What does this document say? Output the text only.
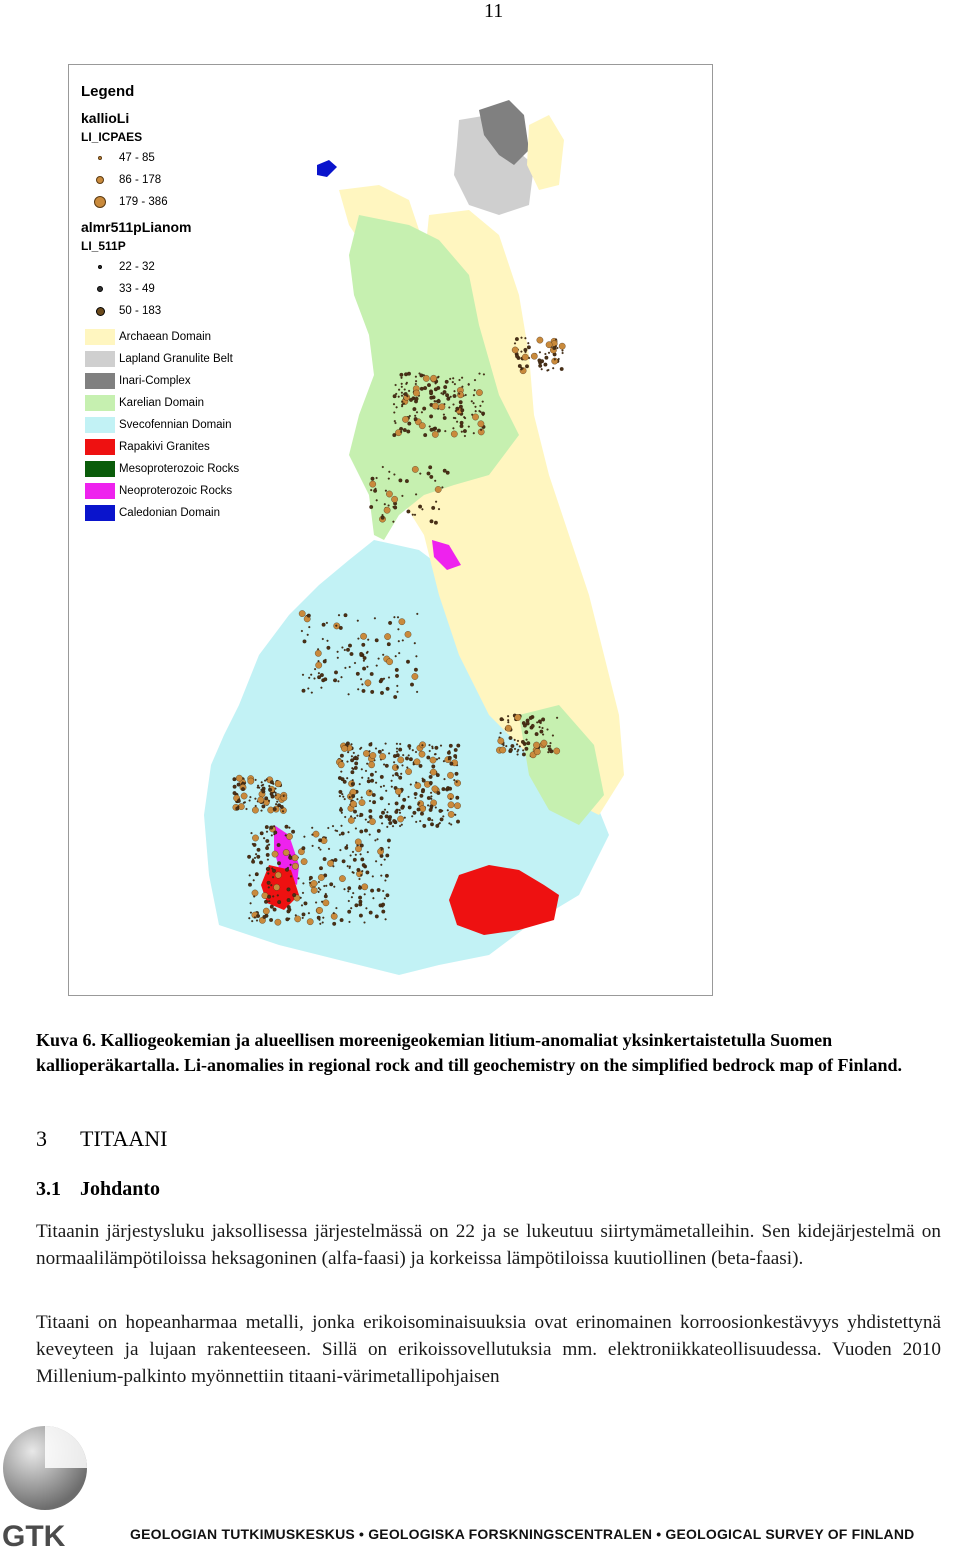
11
Legend
kallioLi
LI_ICPAES
47 - 85
86 - 178
179 - 386
almr511pLianom
LI_511P
22 - 32
33 - 49
50 - 183
Archaean Domain
Lapland Granulite Belt
Inari-Complex
Karelian Domain
Svecofennian Domain
Rapakivi Granites
Mesoproterozoic Rocks
Neoproterozoic Rocks
Caledonian Domain
Kuva 6. Kalliogeokemian ja alueellisen moreenigeokemian litium-anomaliat yksinkertaistetulla Suomen kallioperäkartalla. Li-anomalies in regional rock and till geochemistry on the simplified bedrock map of Finland.
3 TITAANI
3.1 Johdanto
Titaanin järjestysluku jaksollisessa järjestelmässä on 22 ja se lukeutuu siirtymämetalleihin. Sen kidejärjestelmä on normaalilämpötiloissa heksagoninen (alfa-faasi) ja korkeissa lämpötiloissa kuutiollinen (beta-faasi).
Titaani on hopeanharmaa metalli, jonka erikoisominaisuuksia ovat erinomainen korroosionkestävyys yhdistettynä keveyteen ja lujaan rakenteeseen. Sillä on erikoissovellutuksia mm. elektroniikkateollisuudessa. Vuoden 2010 Millenium-palkinto myönnettiin titaani-värimetallipohjaisen
GTK	GEOLOGIAN TUTKIMUSKESKUS • GEOLOGISKA FORSKNINGSCENTRALEN • GEOLOGICAL SURVEY OF FINLAND
